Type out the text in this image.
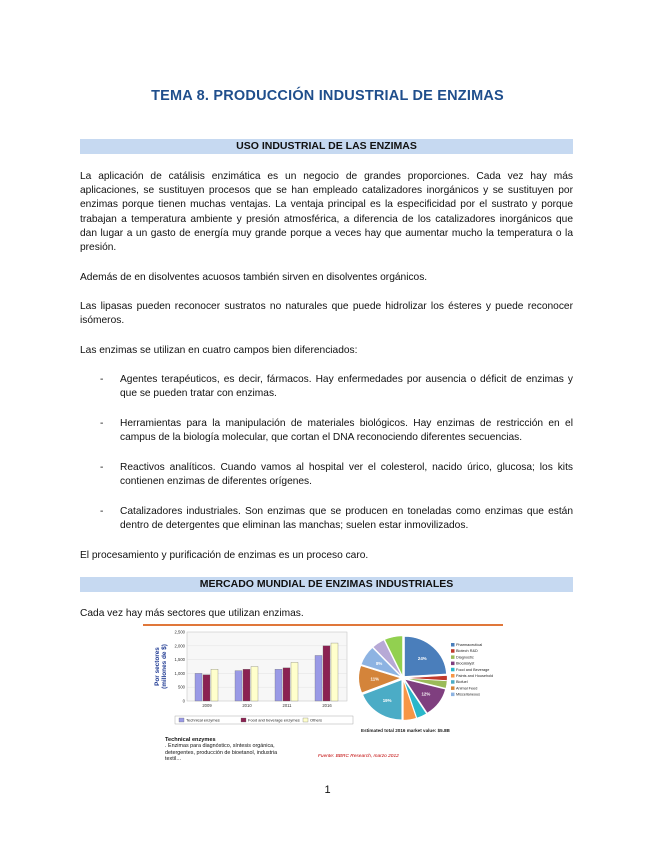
TEMA 8. PRODUCCIÓN INDUSTRIAL DE ENZIMAS
USO INDUSTRIAL DE LAS ENZIMAS

La aplicación de catálisis enzimática es un negocio de grandes proporciones. Cada vez hay más aplicaciones, se sustituyen procesos que se han empleado catalizadores inorgánicos y se sustituyen por enzimas porque tienen muchas ventajas. La ventaja principal es la especificidad por el sustrato y porque trabajan a temperatura ambiente y presión atmosférica, a diferencia de los catalizadores inorgánicos que dan lugar a un gasto de energía muy grande porque a veces hay que aumentar mucho la temperatura o la presión.

Además de en disolventes acuosos también sirven en disolventes orgánicos.

Las lipasas pueden reconocer sustratos no naturales que puede hidrolizar los ésteres y puede reconocer isómeros.

Las enzimas se utilizan en cuatro campos bien diferenciados:

- Agentes terapéuticos, es decir, fármacos. Hay enfermedades por ausencia o déficit de enzimas y que se pueden tratar con enzimas.
- Herramientas para la manipulación de materiales biológicos. Hay enzimas de restricción en el campus de la biología molecular, que cortan el DNA reconociendo diferentes secuencias.
- Reactivos analíticos. Cuando vamos al hospital ver el colesterol, nacido úrico, glucosa; los kits contienen enzimas de diferentes orígenes.
- Catalizadores industriales. Son enzimas que se producen en toneladas como enzimas que están dentro de detergentes que eliminan las manchas; suelen estar inmovilizados.

El procesamiento y purificación de enzimas es un proceso caro.

MERCADO MUNDIAL DE ENZIMAS INDUSTRIALES

Cada vez hay más sectores que utilizan enzimas.

2,500
2,000
1,500
1,000
500
0
Por sectores(millones de $)
2009	2010	2011	2016
Technical enzymes	Food and beverage enzymes	Others
24%
12%
19%
11%
8%
Pharmaceutical
Biotech R&D
Diagnostic
Biocatalyst
Food and Beverage
Paints and Household
Biofuel
Animal Feed
Miscellaneous
Estimated total 2016 market value: $5.8B
Technical enzymes
. Enzimas para diagnóstico, síntesis orgánica, detergentes, producción de bioetanol, industria textil…	Fuente: BBRC Research, marzo 2012
1
